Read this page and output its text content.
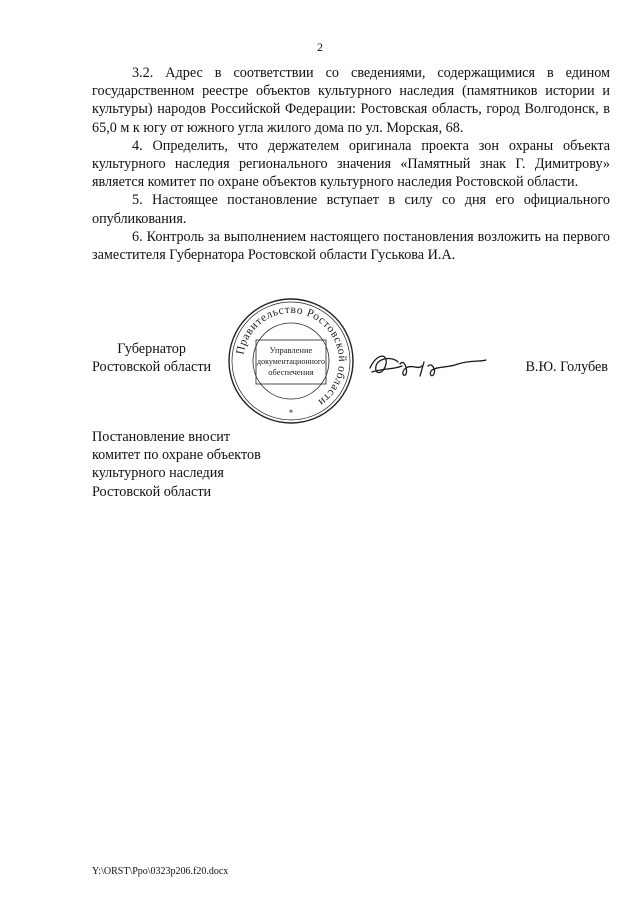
2

3.2. Адрес в соответствии со сведениями, содержащимися в едином государственном реестре объектов культурного наследия (памятников истории и культуры) народов Российской Федерации: Ростовская область, город Волгодонск, в 65,0 м к югу от южного угла жилого дома по ул. Морская, 68.

4. Определить, что держателем оригинала проекта зон охраны объекта культурного наследия регионального значения «Памятный знак Г. Димитрову» является комитет по охране объектов культурного наследия Ростовской области.

5. Настоящее постановление вступает в силу со дня его официального опубликования.

6. Контроль за выполнением настоящего постановления возложить на первого заместителя Губернатора Ростовской области Гуськова И.А.

Губернатор
Ростовской области
Правительство Ростовской области
Управление
документационного
обеспечения
*
В.Ю. Голубев
Постановление вносит
комитет по охране объектов
культурного наследия
Ростовской области
Y:\ORST\Ppo\0323p206.f20.docx
